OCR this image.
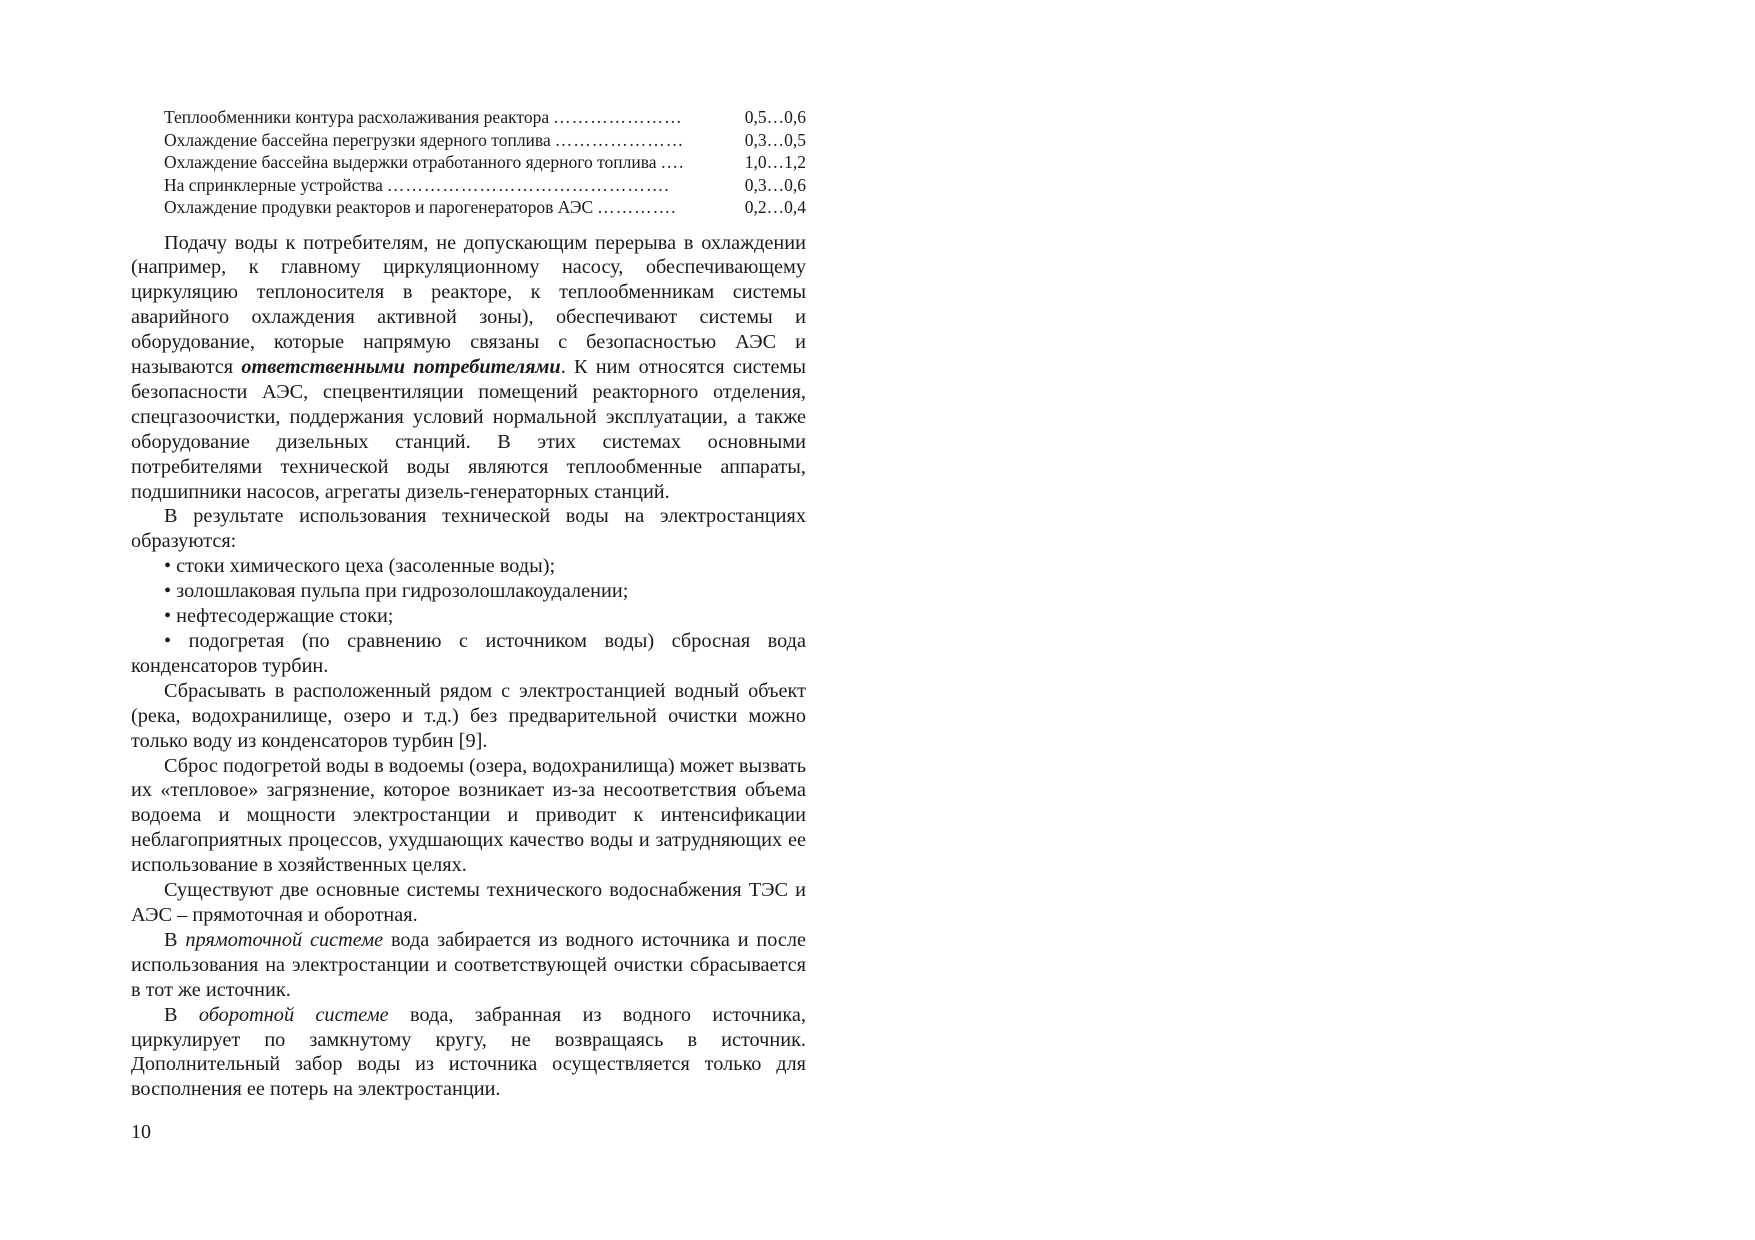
Теплообменники контура расхолаживания реактора …………………	0,5…0,6
Охлаждение бассейна перегрузки ядерного топлива …………………	0,3…0,5
Охлаждение бассейна выдержки отработанного ядерного топлива ….	1,0…1,2
На спринклерные устройства ……………………………………….	0,3…0,6
Охлаждение продувки реакторов и парогенераторов АЭС ………….	0,2…0,4

Подачу воды к потребителям, не допускающим перерыва в охлаждении (например, к главному циркуляционному насосу, обеспечивающему циркуляцию теплоносителя в реакторе, к теплообменникам системы аварийного охлаждения активной зоны), обеспечивают системы и оборудование, которые напрямую связаны с безопасностью АЭС и называются ответственными потребителями. К ним относятся системы безопасности АЭС, спецвентиляции помещений реакторного отделения, спецгазоочистки, поддержания условий нормальной эксплуатации, а также оборудование дизельных станций. В этих системах основными потребителями технической воды являются теплообменные аппараты, подшипники насосов, агрегаты дизель-генераторных станций.

В результате использования технической воды на электростанциях образуются:

• стоки химического цеха (засоленные воды);

• золошлаковая пульпа при гидрозолошлакоудалении;

• нефтесодержащие стоки;

• подогретая (по сравнению с источником воды) сбросная вода конденсаторов турбин.

Сбрасывать в расположенный рядом с электростанцией водный объект (река, водохранилище, озеро и т.д.) без предварительной очистки можно только воду из конденсаторов турбин [9].

Сброс подогретой воды в водоемы (озера, водохранилища) может вызвать их «тепловое» загрязнение, которое возникает из-за несоответствия объема водоема и мощности электростанции и приводит к интенсификации неблагоприятных процессов, ухудшающих качество воды и затрудняющих ее использование в хозяйственных целях.

Существуют две основные системы технического водоснабжения ТЭС и АЭС – прямоточная и оборотная.

В прямоточной системе вода забирается из водного источника и после использования на электростанции и соответствующей очистки сбрасывается в тот же источник.

В оборотной системе вода, забранная из водного источника, циркулирует по замкнутому кругу, не возвращаясь в источник. Дополнительный забор воды из источника осуществляется только для восполнения ее потерь на электростанции.

10
